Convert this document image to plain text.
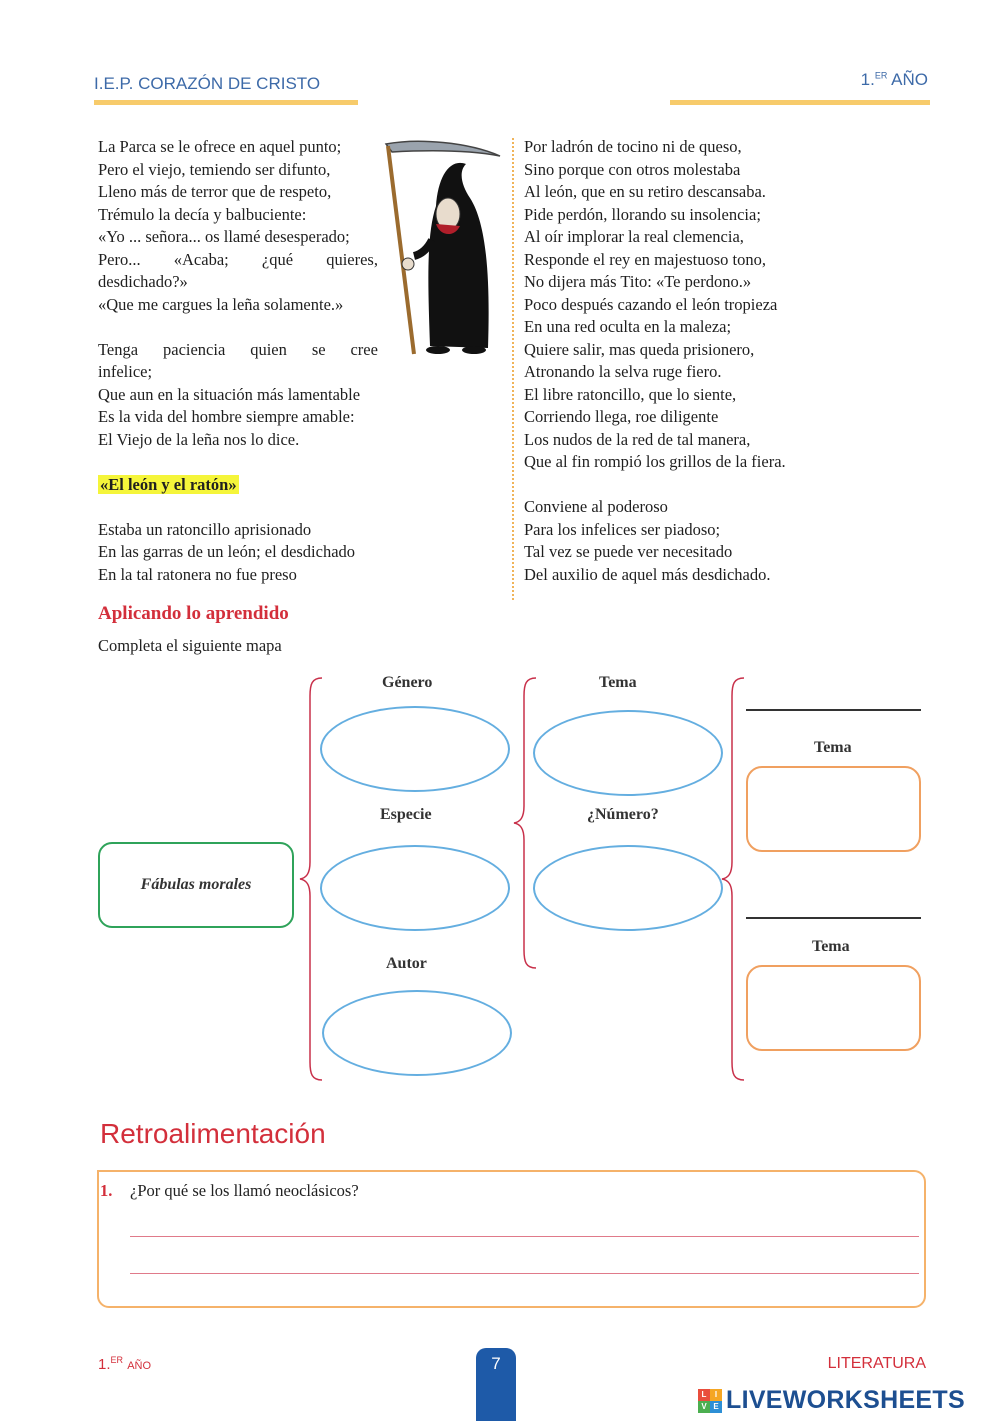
I.E.P. CORAZÓN DE CRISTO	1.$^{ER}$ AÑO
La Parca se le ofrece en aquel punto;
Pero el viejo, temiendo ser difunto,
Lleno más de terror que de respeto,
Trémulo la decía y balbuciente:
«Yo ... señora... os llamé desesperado;
Pero... «Acaba; ¿qué quieres,
desdichado?»
«Que me cargues la leña solamente.»
Tenga paciencia quien se cree
infelice;
Que aun en la situación más lamentable
Es la vida del hombre siempre amable:
El Viejo de la leña nos lo dice.
«El león y el ratón»
Estaba un ratoncillo aprisionado
En las garras de un león; el desdichado
En la tal ratonera no fue preso
Por ladrón de tocino ni de queso,
Sino porque con otros molestaba
Al león, que en su retiro descansaba.
Pide perdón, llorando su insolencia;
Al oír implorar la real clemencia,
Responde el rey en majestuoso tono,
No dijera más Tito: «Te perdono.»
Poco después cazando el león tropieza
En una red oculta en la maleza;
Quiere salir, mas queda prisionero,
Atronando la selva ruge fiero.
El libre ratoncillo, que lo siente,
Corriendo llega, roe diligente
Los nudos de la red de tal manera,
Que al fin rompió los grillos de la fiera.
Conviene al poderoso
Para los infelices ser piadoso;
Tal vez se puede ver necesitado
Del auxilio de aquel más desdichado.
Aplicando lo aprendido
Completa el siguiente mapa
Fábulas morales
Género
Especie
Autor
Tema
¿Número?
Tema
Tema
Retroalimentación
1. ¿Por qué se los llamó neoclásicos?
1.$^{ER}$ AÑO	7	LITERATURA
L	I
V E LIVEWORKSHEETS
